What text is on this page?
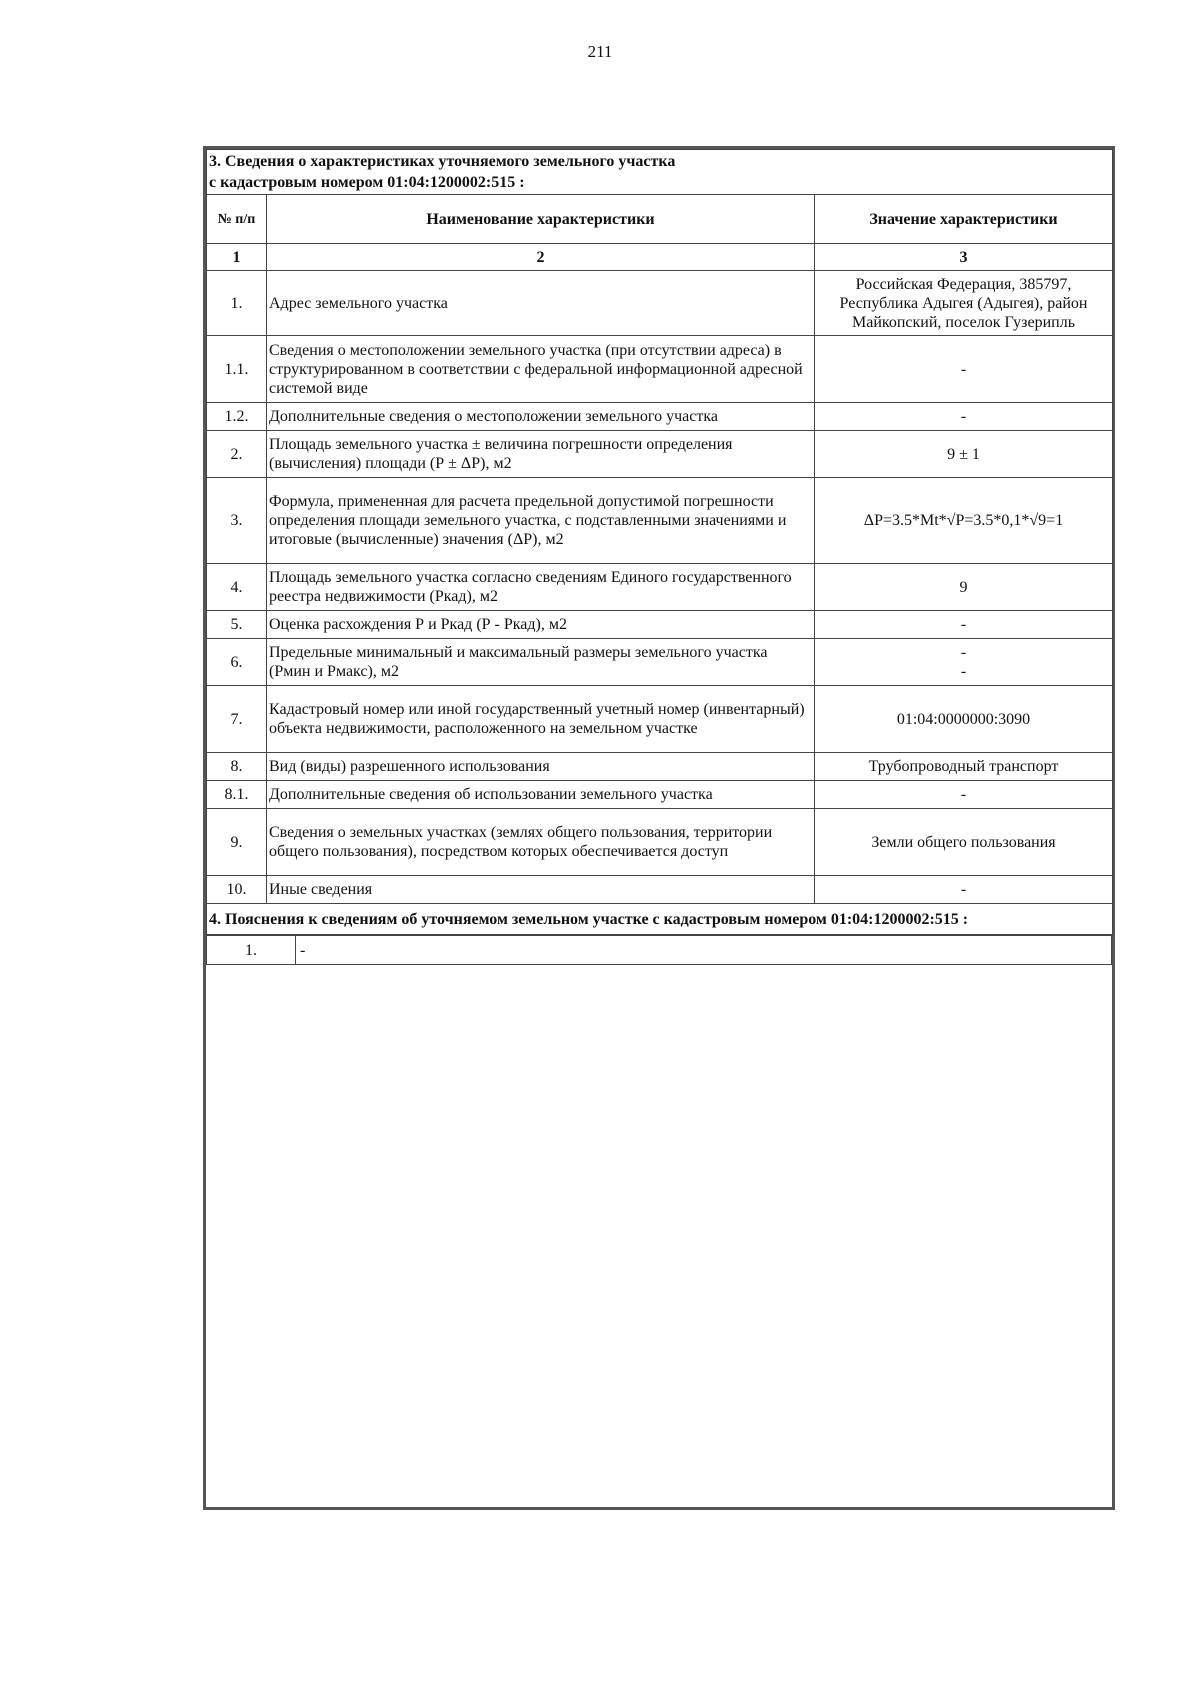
211
3. Сведения о характеристиках уточняемого земельного участка
с кадастровым номером 01:04:1200002:515 :		

№ п/п	Наименование характеристики	Значение характеристики
1	2	3
1.	Адрес земельного участка	Российская Федерация, 385797, Республика Адыгея (Адыгея), район Майкопский, поселок Гузерипль
1.1.	Сведения о местоположении земельного участка (при отсутствии адреса) в структурированном в соответствии с федеральной информационной адресной системой виде	-
1.2.	Дополнительные сведения о местоположении земельного участка	-
2.	Площадь земельного участка ± величина погрешности определения (вычисления) площади (Р ± ΔР), м2	9 ± 1
3.	Формула, примененная для расчета предельной допустимой погрешности определения площади земельного участка, с подставленными значениями и итоговые (вычисленные) значения (ΔР), м2	ΔР=3.5*Mt*√Р=3.5*0,1*√9=1
4.	Площадь земельного участка согласно сведениям Единого государственного реестра недвижимости (Ркад), м2	9
5.	Оценка расхождения Р и Ркад (Р - Ркад), м2	-
6.	Предельные минимальный и максимальный размеры земельного участка (Рмин и Рмакс), м2	-
-

7.	Кадастровый номер или иной государственный учетный номер (инвентарный) объекта недвижимости, расположенного на земельном участке	01:04:0000000:3090
8.	Вид (виды) разрешенного использования	Трубопроводный транспорт
8.1.	Дополнительные сведения об использовании земельного участка	-
9.	Сведения о земельных участках (землях общего пользования, территории общего пользования), посредством которых обеспечивается доступ	Земли общего пользования
10.	Иные сведения	-
4. Пояснения к сведениям об уточняемом земельном участке с кадастровым номером 01:04:1200002:515 :		
1.	-
